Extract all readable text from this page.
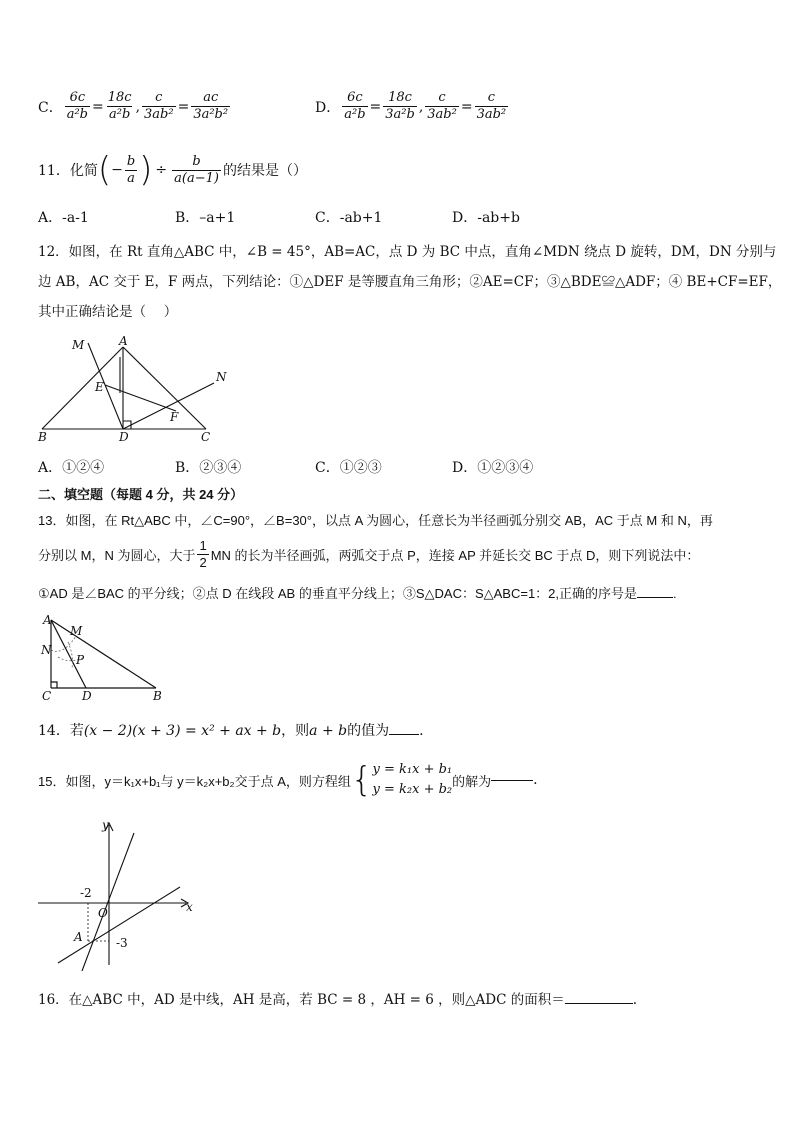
C． $\frac{6c}{\text{a²b}} = \frac{18c}{\text{a²b}}$ , $\frac{c}{\text{3ab²}} = \frac{ac}{\text{3a²b²}}$	D． $\frac{6c}{\text{a²b}} = \frac{18c}{\text{3a²b}}$ , $\frac{c}{\text{3ab²}} = \frac{c}{\text{3ab²}}$
11．化简 ( − $\frac{b}{a}$ ) ÷ $\frac{b}{a(a-1)}$ 的结果是（）
A．-a-1	B．–a+1	C．-ab+1	D．-ab+b
12．如图，在 Rt 直角△ABC 中，∠B = 45°，AB=AC，点 D 为 BC 中点，直角∠MDN 绕点 D 旋转，DM，DN 分别与
边 AB，AC 交于 E，F 两点，下列结论：①△DEF 是等腰直角三角形；②AE=CF；③△BDE≌△ADF；④ BE+CF=EF，
其中正确结论是（　 ）
M	A
N
E
F
B	D	C
A．①②④	B．②③④	C．①②③	D．①②③④
二、填空题（每题 4 分，共 24 分）
13．如图，在 Rt△ABC 中，∠C=90°，∠B=30°，以点 A 为圆心，任意长为半径画弧分别交 AB，AC 于点 M 和 N，再
分别以 M，N 为圆心，大于 $\frac{1}{2}$ MN 的长为半径画弧，两弧交于点 P，连接 AP 并延长交 BC 于点 D，则下列说法中：
①AD 是∠BAC 的平分线；②点 D 在线段 AB 的垂直平分线上；③S△DAC：S△ABC=1：2,正确的序号是	.
A
M
N
P
C	D	B
14．若(x − 2)(x + 3) = x² + ax + b，则a + b的值为 .
15．如图，y＝k₁x+b₁与 y＝k₂x+b₂交于点 A，则方程组 { y = k₁x + b₁
y = k₂x + b₂
的解为	.
y
x
O
A
-2
-3
16．在△ABC 中，AD 是中线，AH 是高，若 BC = 8 ，AH = 6 ，则△ADC 的面积＝	.
